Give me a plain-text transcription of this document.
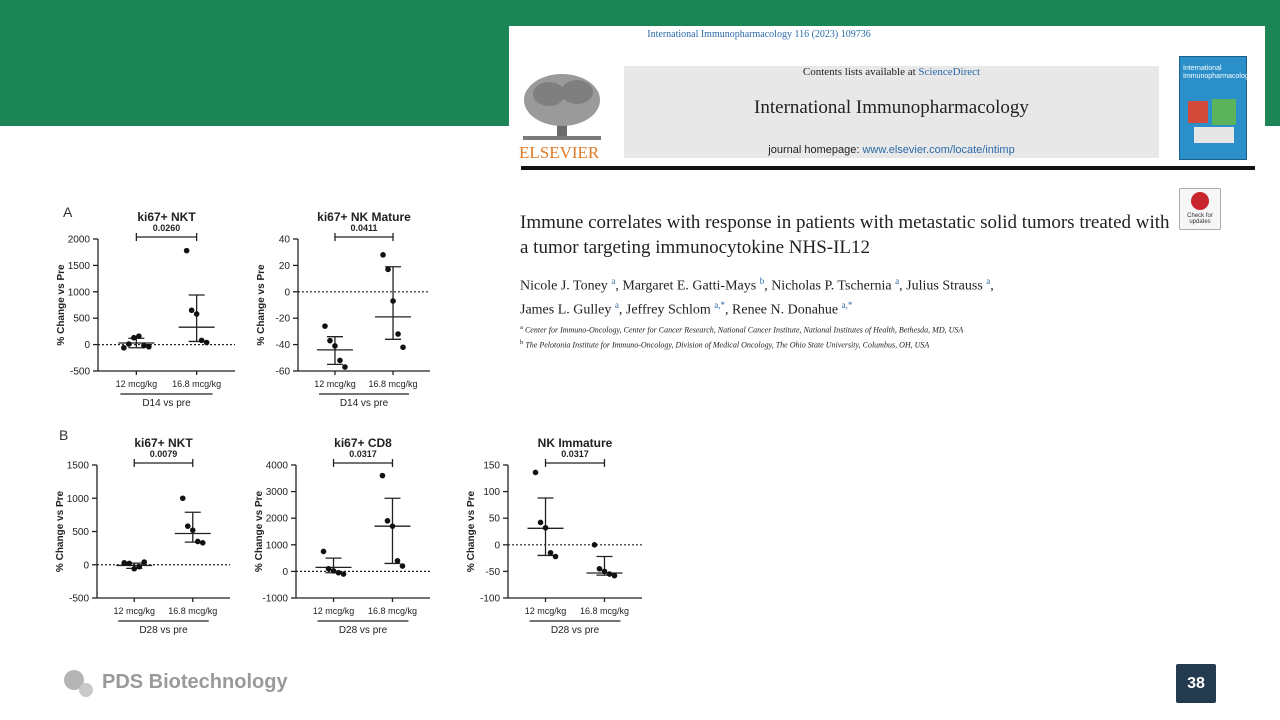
International Immunopharmacology 116 (2023) 109736
ELSEVIER
Contents lists available at ScienceDirect
International Immunopharmacology
journal homepage: www.elsevier.com/locate/intimp
International Immunopharmacology
Check for updates
Immune correlates with response in patients with metastatic solid tumors treated with a tumor targeting immunocytokine NHS-IL12
Nicole J. Toney $^a$, Margaret E. Gatti-Mays $^b$, Nicholas P. Tschernia $^a$, Julius Strauss $^a$,
James L. Gulley $^a$, Jeffrey Schlom $^{a,*}$, Renee N. Donahue $^{a,*}$
$^a$ Center for Immuno-Oncology, Center for Cancer Research, National Cancer Institute, National Institutes of Health, Bethesda, MD, USA
$^b$ The Pelotonia Institute for Immuno-Oncology, Division of Medical Oncology, The Ohio State University, Columbus, OH, USA
A
B
ki67+ NKT
-500
0
500
1000
1500
2000
% Change vs Pre
12 mcg/kg 16.8 mcg/kg
D14 vs pre
0.0260
ki67+ NK Mature
-60
-40
-20
0
20
40
% Change vs Pre
12 mcg/kg 16.8 mcg/kg
D14 vs pre
0.0411
ki67+ NKT
-500
0
500
1000
1500
% Change vs Pre
12 mcg/kg 16.8 mcg/kg
D28 vs pre
0.0079
ki67+ CD8
-1000
0
1000
2000
3000
4000
% Change vs Pre
12 mcg/kg 16.8 mcg/kg
D28 vs pre
0.0317
NK Immature
-100
-50
0
50
100
150
% Change vs Pre
12 mcg/kg 16.8 mcg/kg
D28 vs pre
0.0317
PDS Biotechnology	38
